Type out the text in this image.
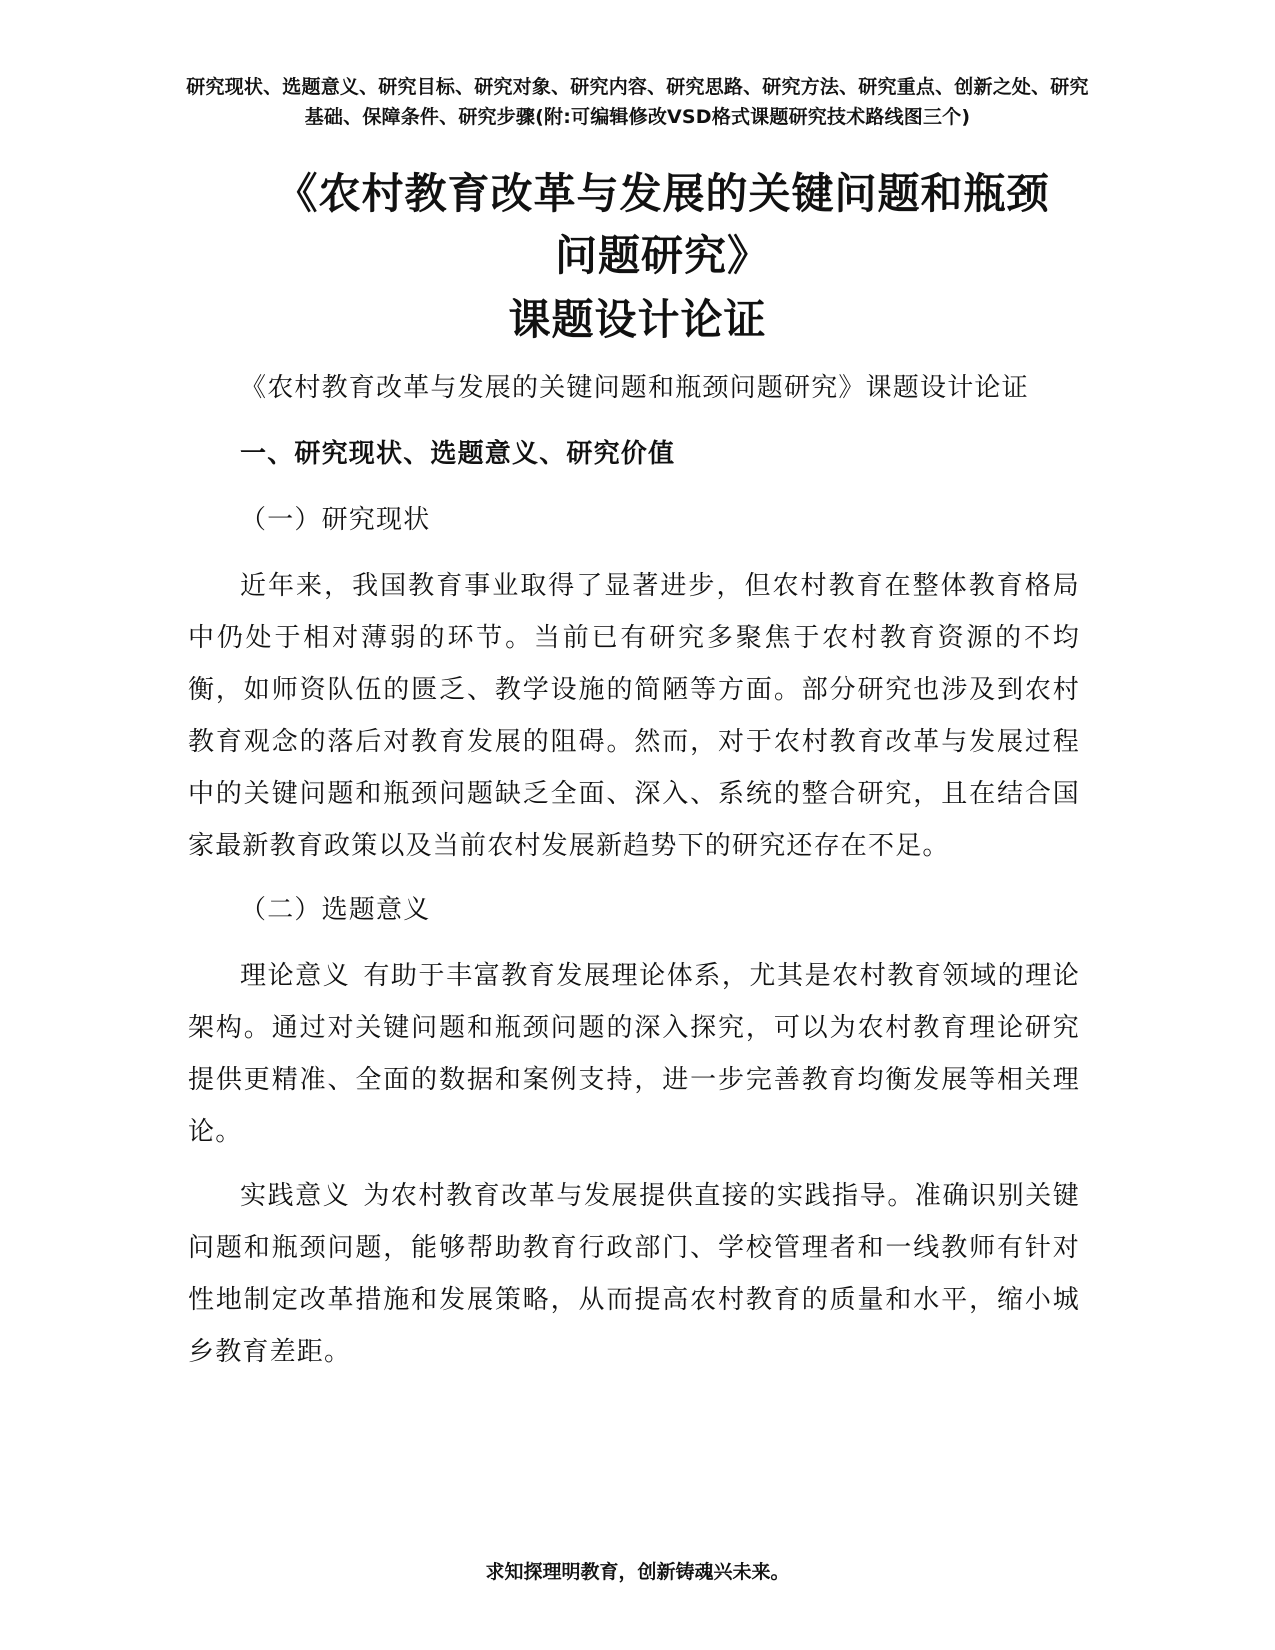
研究现状、选题意义、研究目标、研究对象、研究内容、研究思路、研究方法、研究重点、创新之处、研究基础、保障条件、研究步骤(附:可编辑修改VSD格式课题研究技术路线图三个)
《农村教育改革与发展的关键问题和瓶颈问题研究》
课题设计论证

《农村教育改革与发展的关键问题和瓶颈问题研究》课题设计论证

一、研究现状、选题意义、研究价值

（一）研究现状

近年来，我国教育事业取得了显著进步，但农村教育在整体教育格局中仍处于相对薄弱的环节。当前已有研究多聚焦于农村教育资源的不均衡，如师资队伍的匮乏、教学设施的简陋等方面。部分研究也涉及到农村教育观念的落后对教育发展的阻碍。然而，对于农村教育改革与发展过程中的关键问题和瓶颈问题缺乏全面、深入、系统的整合研究，且在结合国家最新教育政策以及当前农村发展新趋势下的研究还存在不足。

（二）选题意义

理论意义 有助于丰富教育发展理论体系，尤其是农村教育领域的理论架构。通过对关键问题和瓶颈问题的深入探究，可以为农村教育理论研究提供更精准、全面的数据和案例支持，进一步完善教育均衡发展等相关理论。

实践意义 为农村教育改革与发展提供直接的实践指导。准确识别关键问题和瓶颈问题，能够帮助教育行政部门、学校管理者和一线教师有针对性地制定改革措施和发展策略，从而提高农村教育的质量和水平，缩小城乡教育差距。

求知探理明教育，创新铸魂兴未来。
